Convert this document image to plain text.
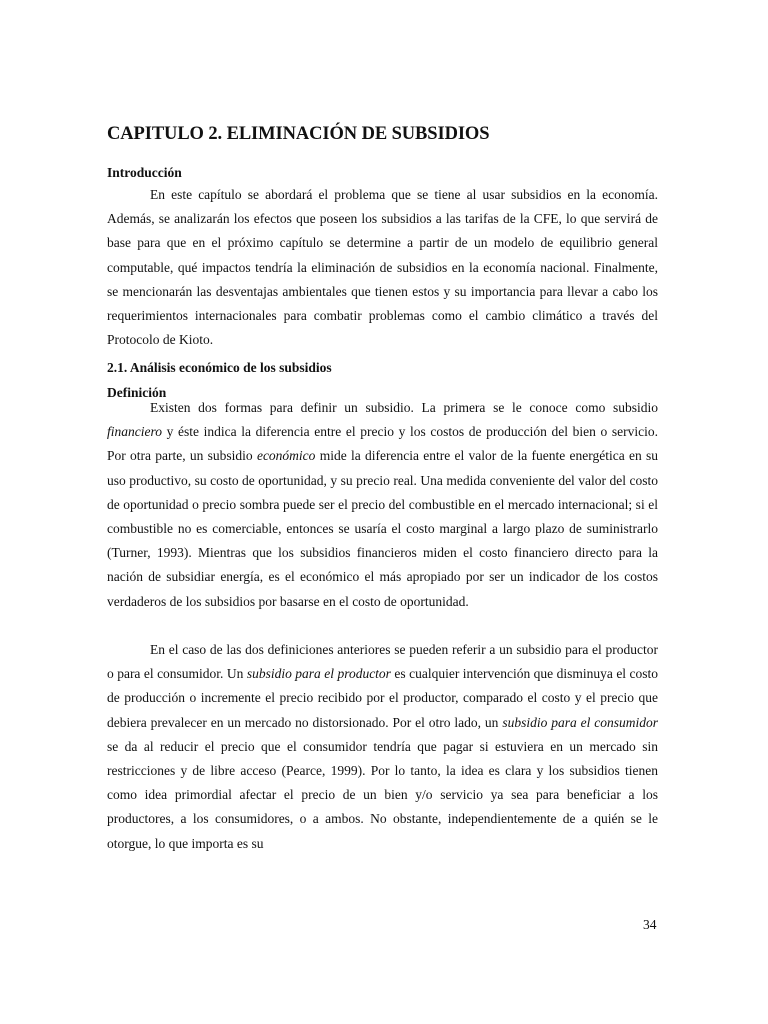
CAPITULO 2. ELIMINACIÓN DE SUBSIDIOS
Introducción

En este capítulo se abordará el problema que se tiene al usar subsidios en la economía. Además, se analizarán los efectos que poseen los subsidios a las tarifas de la CFE, lo que servirá de base para que en el próximo capítulo se determine a partir de un modelo de equilibrio general computable, qué impactos tendría la eliminación de subsidios en la economía nacional. Finalmente, se mencionarán las desventajas ambientales que tienen estos y su importancia para llevar a cabo los requerimientos internacionales para combatir problemas como el cambio climático a través del Protocolo de Kioto.

2.1. Análisis económico de los subsidios
Definición

Existen dos formas para definir un subsidio. La primera se le conoce como subsidio financiero y éste indica la diferencia entre el precio y los costos de producción del bien o servicio. Por otra parte, un subsidio económico mide la diferencia entre el valor de la fuente energética en su uso productivo, su costo de oportunidad, y su precio real. Una medida conveniente del valor del costo de oportunidad o precio sombra puede ser el precio del combustible en el mercado internacional; si el combustible no es comerciable, entonces se usaría el costo marginal a largo plazo de suministrarlo (Turner, 1993). Mientras que los subsidios financieros miden el costo financiero directo para la nación de subsidiar energía, es el económico el más apropiado por ser un indicador de los costos verdaderos de los subsidios por basarse en el costo de oportunidad.

En el caso de las dos definiciones anteriores se pueden referir a un subsidio para el productor o para el consumidor. Un subsidio para el productor es cualquier intervención que disminuya el costo de producción o incremente el precio recibido por el productor, comparado el costo y el precio que debiera prevalecer en un mercado no distorsionado. Por el otro lado, un subsidio para el consumidor se da al reducir el precio que el consumidor tendría que pagar si estuviera en un mercado sin restricciones y de libre acceso (Pearce, 1999). Por lo tanto, la idea es clara y los subsidios tienen como idea primordial afectar el precio de un bien y/o servicio ya sea para beneficiar a los productores, a los consumidores, o a ambos. No obstante, independientemente de a quién se le otorgue, lo que importa es su

34
